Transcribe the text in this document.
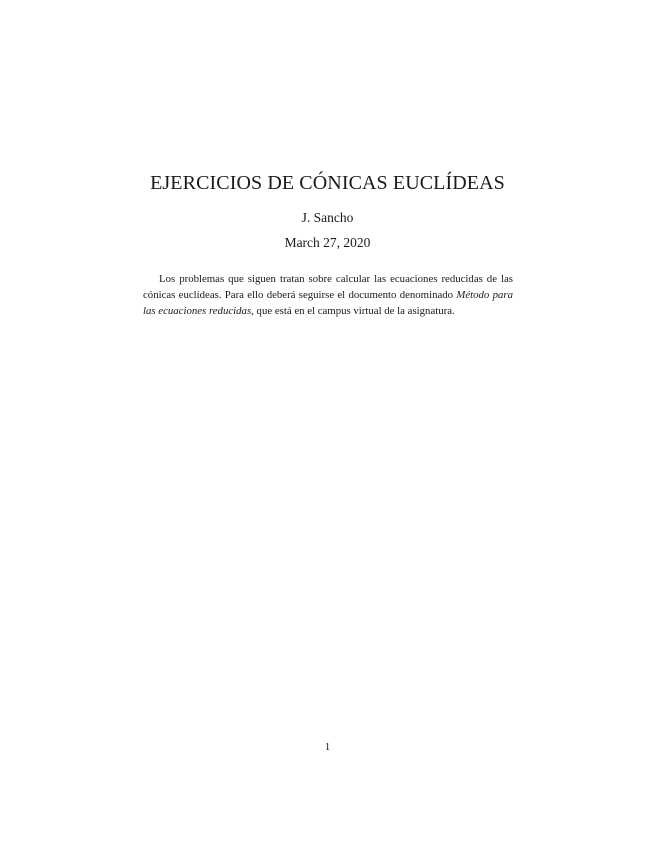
EJERCICIOS DE CÓNICAS EUCLÍDEAS
J. Sancho
March 27, 2020

Los problemas que siguen tratan sobre calcular las ecuaciones reducidas de las cónicas euclídeas. Para ello deberá seguirse el documento denominado Método para las ecuaciones reducidas, que está en el campus virtual de la asignatura.

1
